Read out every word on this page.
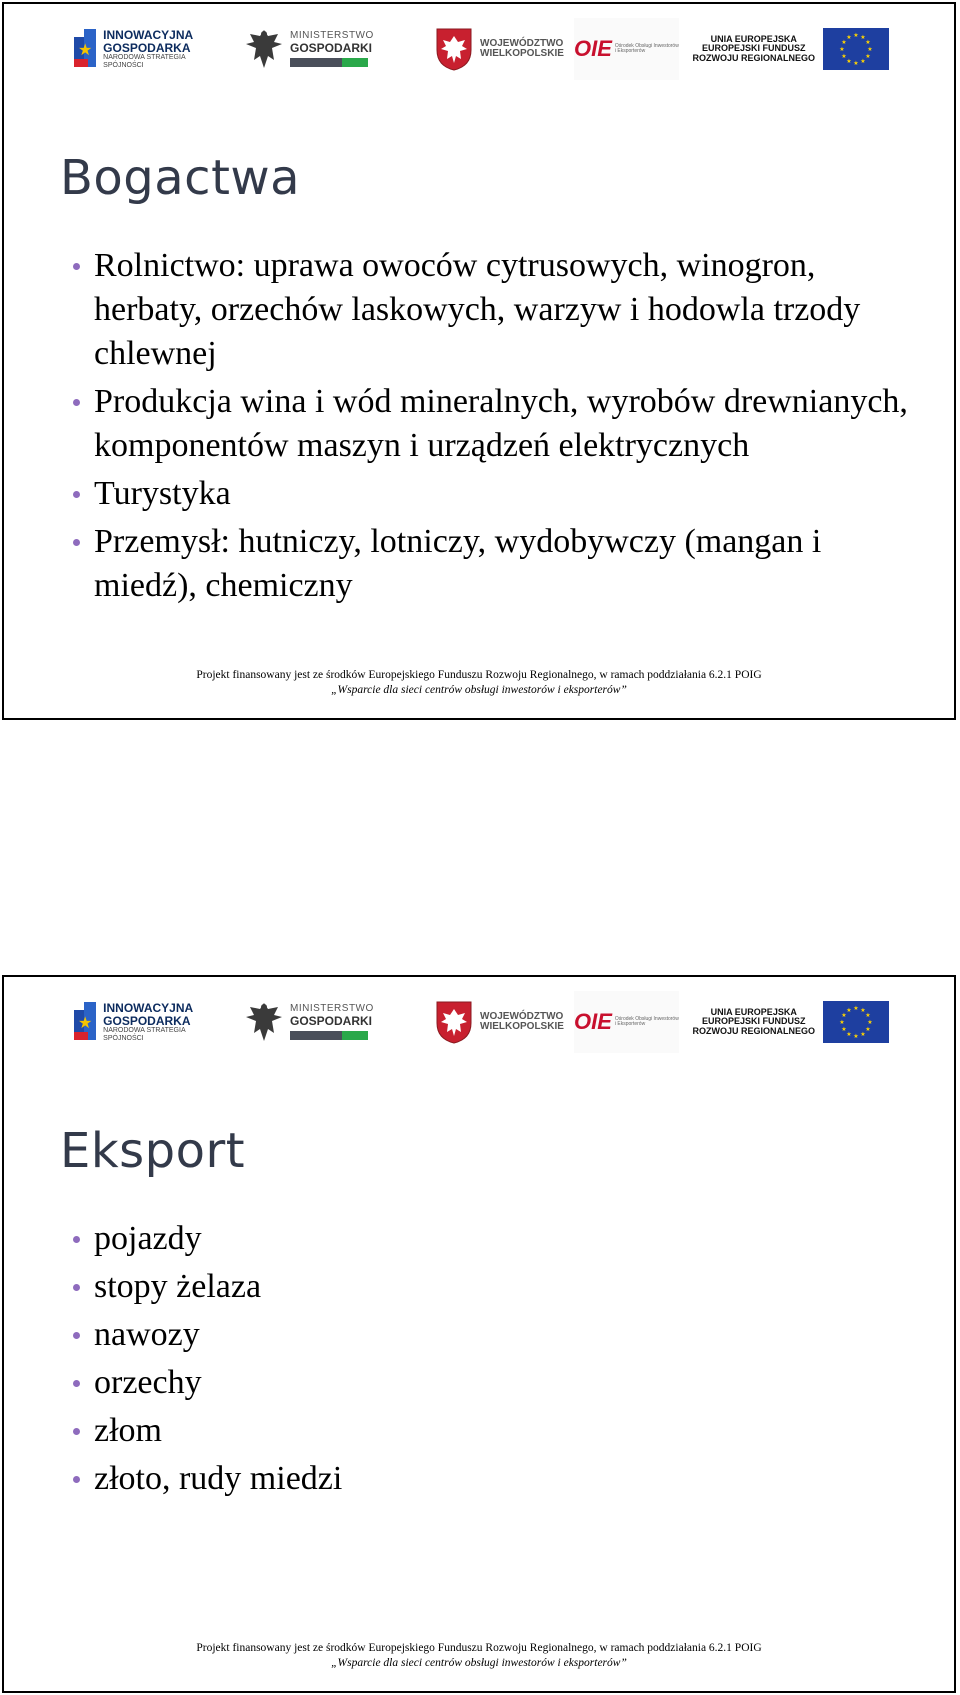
★
INNOWACYJNA
GOSPODARKA
NARODOWA STRATEGIA SPÓJNOŚCI
MINISTERSTWO
GOSPODARKI	WOJEWÓDZTWO
WIELKOPOLSKIE OIE Ośrodek Obsługi Inwestorów i Eksporterów
UNIA EUROPEJSKA
EUROPEJSKI FUNDUSZ
ROZWOJU REGIONALNEGO
★ ★
★
★
★
★
★
★
★
★
★
★
Bogactwa
Rolnictwo: uprawa owoców cytrusowych, winogron, herbaty, orzechów laskowych, warzyw i hodowla trzody chlewnej
Produkcja wina i wód mineralnych, wyrobów drewnianych, komponentów maszyn i urządzeń elektrycznych
Turystyka
Przemysł: hutniczy, lotniczy, wydobywczy (mangan i miedź), chemiczny
Projekt finansowany jest ze środków Europejskiego Funduszu Rozwoju Regionalnego, w ramach poddziałania 6.2.1 POIG
„Wsparcie dla sieci centrów obsługi inwestorów i eksporterów”
★
INNOWACYJNA
GOSPODARKA
NARODOWA STRATEGIA SPÓJNOŚCI
MINISTERSTWO
GOSPODARKI	WOJEWÓDZTWO
WIELKOPOLSKIE OIE Ośrodek Obsługi Inwestorów i Eksporterów
UNIA EUROPEJSKA
EUROPEJSKI FUNDUSZ
ROZWOJU REGIONALNEGO
★ ★
★
★
★
★
★
★
★
★
★
★
Eksport
pojazdy
stopy żelaza
nawozy
orzechy
złom
złoto, rudy miedzi
Projekt finansowany jest ze środków Europejskiego Funduszu Rozwoju Regionalnego, w ramach poddziałania 6.2.1 POIG
„Wsparcie dla sieci centrów obsługi inwestorów i eksporterów”
